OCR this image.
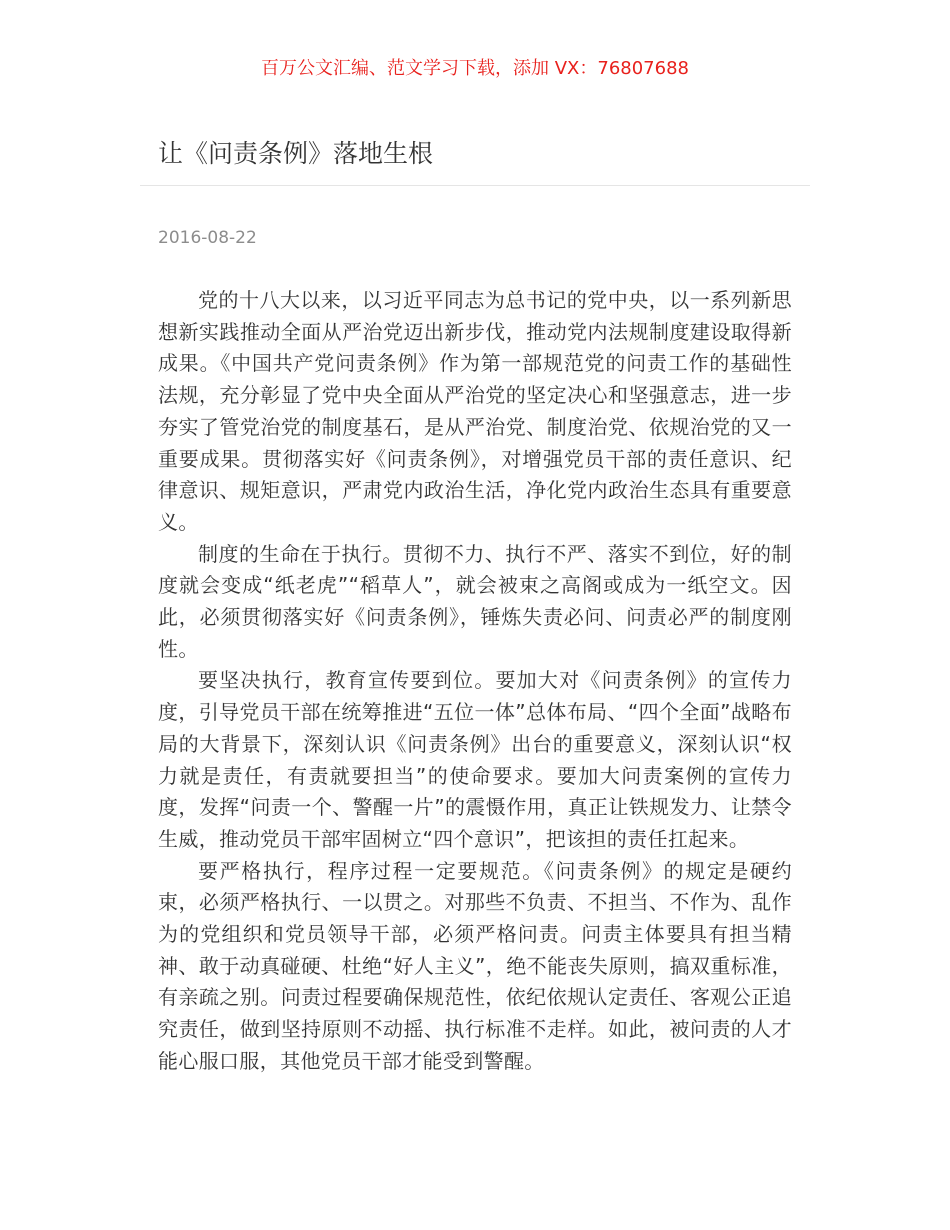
百万公文汇编、范文学习下载，添加 VX：76807688
让《问责条例》落地生根
2016-08-22

党的十八大以来，以习近平同志为总书记的党中央，以一系列新思想新实践推动全面从严治党迈出新步伐，推动党内法规制度建设取得新成果。《中国共产党问责条例》作为第一部规范党的问责工作的基础性法规，充分彰显了党中央全面从严治党的坚定决心和坚强意志，进一步夯实了管党治党的制度基石，是从严治党、制度治党、依规治党的又一重要成果。贯彻落实好《问责条例》，对增强党员干部的责任意识、纪律意识、规矩意识，严肃党内政治生活，净化党内政治生态具有重要意义。

制度的生命在于执行。贯彻不力、执行不严、落实不到位，好的制度就会变成“纸老虎”“稻草人”，就会被束之高阁或成为一纸空文。因此，必须贯彻落实好《问责条例》，锤炼失责必问、问责必严的制度刚性。

要坚决执行，教育宣传要到位。要加大对《问责条例》的宣传力度，引导党员干部在统筹推进“五位一体”总体布局、“四个全面”战略布局的大背景下，深刻认识《问责条例》出台的重要意义，深刻认识“权力就是责任，有责就要担当”的使命要求。要加大问责案例的宣传力度，发挥“问责一个、警醒一片”的震慑作用，真正让铁规发力、让禁令生威，推动党员干部牢固树立“四个意识”，把该担的责任扛起来。

要严格执行，程序过程一定要规范。《问责条例》的规定是硬约束，必须严格执行、一以贯之。对那些不负责、不担当、不作为、乱作为的党组织和党员领导干部，必须严格问责。问责主体要具有担当精神、敢于动真碰硬、杜绝“好人主义”，绝不能丧失原则，搞双重标准，有亲疏之别。问责过程要确保规范性，依纪依规认定责任、客观公正追究责任，做到坚持原则不动摇、执行标准不走样。如此，被问责的人才能心服口服，其他党员干部才能受到警醒。
